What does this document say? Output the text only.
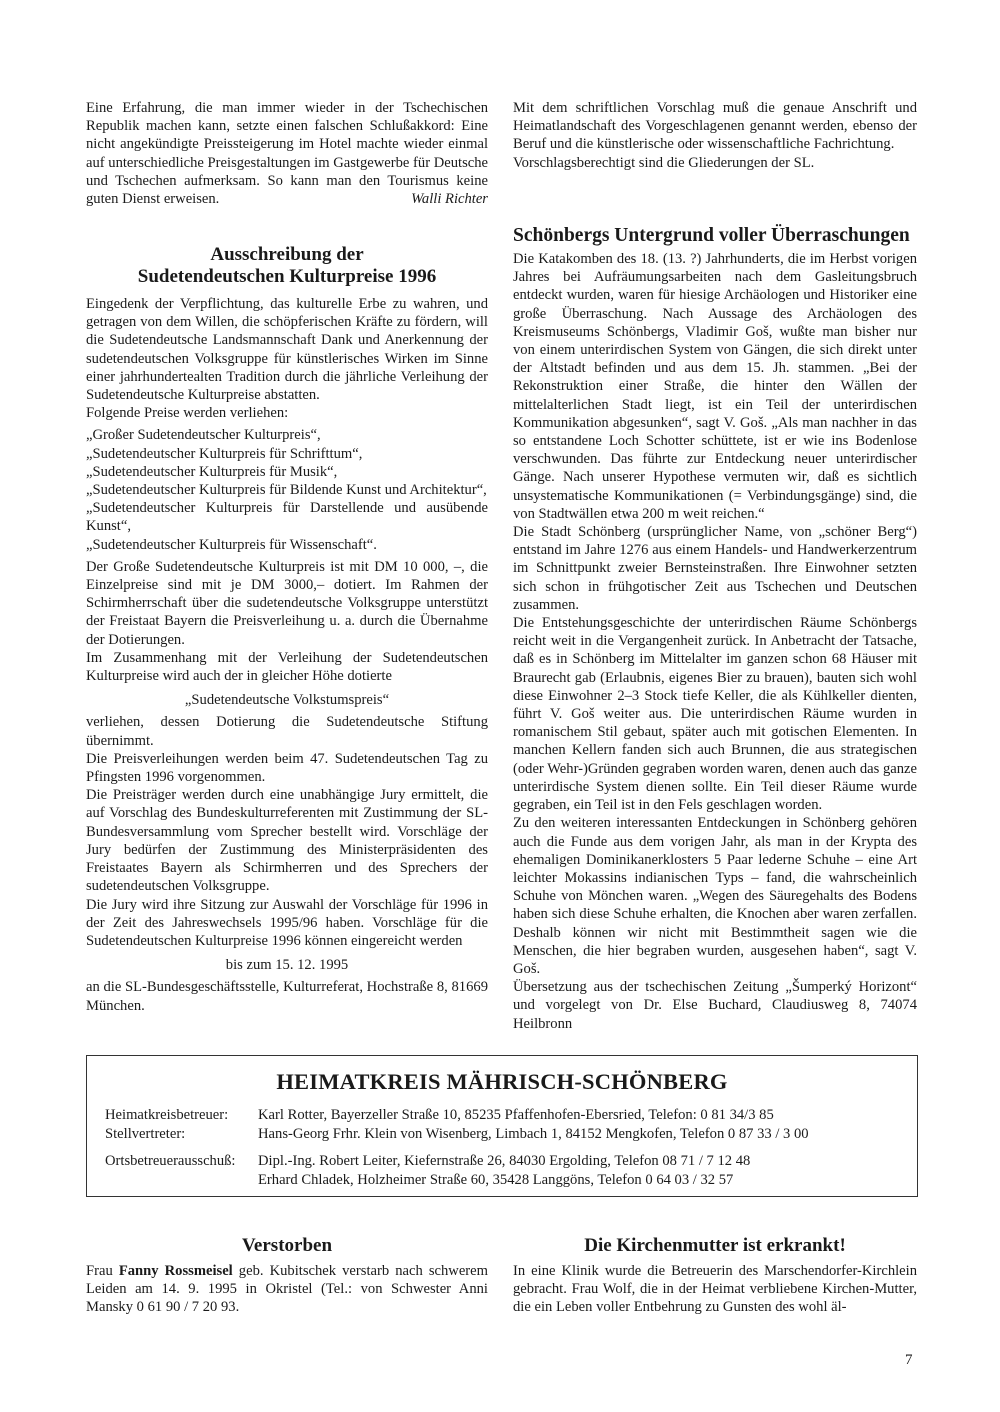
Eine Erfahrung, die man immer wieder in der Tschechischen Republik machen kann, setzte einen falschen Schlußakkord: Eine nicht angekündigte Preissteigerung im Hotel machte wieder einmal auf unterschiedliche Preisgestaltungen im Gastgewerbe für Deutsche und Tschechen aufmerksam. So kann man den Tourismus keine guten Dienst erweisen.	Walli Richter

Ausschreibung der
Sudetendeutschen Kulturpreise 1996

Eingedenk der Verpflichtung, das kulturelle Erbe zu wahren, und getragen von dem Willen, die schöpferischen Kräfte zu fördern, will die Sudetendeutsche Landsmannschaft Dank und Anerkennung der sudetendeutschen Volksgruppe für künstlerisches Wirken im Sinne einer jahrhundertealten Tradition durch die jährliche Verleihung der Sudetendeutsche Kulturpreise abstatten.

Folgende Preise werden verliehen:

„Großer Sudetendeutscher Kulturpreis“,

„Sudetendeutscher Kulturpreis für Schrifttum“,

„Sudetendeutscher Kulturpreis für Musik“,

„Sudetendeutscher Kulturpreis für Bildende Kunst und Architektur“,

„Sudetendeutscher Kulturpreis für Darstellende und ausübende Kunst“,

„Sudetendeutscher Kulturpreis für Wissenschaft“.

Der Große Sudetendeutsche Kulturpreis ist mit DM 10 000, –, die Einzelpreise sind mit je DM 3000,– dotiert. Im Rahmen der Schirmherrschaft über die sudetendeutsche Volksgruppe unterstützt der Freistaat Bayern die Preisverleihung u. a. durch die Übernahme der Dotierungen.

Im Zusammenhang mit der Verleihung der Sudetendeutschen Kulturpreise wird auch der in gleicher Höhe dotierte

„Sudetendeutsche Volkstumspreis“

verliehen, dessen Dotierung die Sudetendeutsche Stiftung übernimmt.

Die Preisverleihungen werden beim 47. Sudetendeutschen Tag zu Pfingsten 1996 vorgenommen.

Die Preisträger werden durch eine unabhängige Jury ermittelt, die auf Vorschlag des Bundeskulturreferenten mit Zustimmung der SL-Bundesversammlung vom Sprecher bestellt wird. Vorschläge der Jury bedürfen der Zustimmung des Ministerpräsidenten des Freistaates Bayern als Schirmherren und des Sprechers der sudetendeutschen Volksgruppe.

Die Jury wird ihre Sitzung zur Auswahl der Vorschläge für 1996 in der Zeit des Jahreswechsels 1995/96 haben. Vorschläge für die Sudetendeutschen Kulturpreise 1996 können eingereicht werden

bis zum 15. 12. 1995

an die SL-Bundesgeschäftsstelle, Kulturreferat, Hochstraße 8, 81669 München.

Mit dem schriftlichen Vorschlag muß die genaue Anschrift und Heimatlandschaft des Vorgeschlagenen genannt werden, ebenso der Beruf und die künstlerische oder wissenschaftliche Fachrichtung.

Vorschlagsberechtigt sind die Gliederungen der SL.

Schönbergs Untergrund voller Überraschungen

Die Katakomben des 18. (13. ?) Jahrhunderts, die im Herbst vorigen Jahres bei Aufräumungsarbeiten nach dem Gasleitungsbruch entdeckt wurden, waren für hiesige Archäologen und Historiker eine große Überraschung. Nach Aussage des Archäologen des Kreismuseums Schönbergs, Vladimir Goš, wußte man bisher nur von einem unterirdischen System von Gängen, die sich direkt unter der Altstadt befinden und aus dem 15. Jh. stammen. „Bei der Rekonstruktion einer Straße, die hinter den Wällen der mittelalterlichen Stadt liegt, ist ein Teil der unterirdischen Kommunikation abgesunken“, sagt V. Goš. „Als man nachher in das so entstandene Loch Schotter schüttete, ist er wie ins Bodenlose verschwunden. Das führte zur Entdeckung neuer unterirdischer Gänge. Nach unserer Hypothese vermuten wir, daß es sichtlich unsystematische Kommunikationen (= Verbindungsgänge) sind, die von Stadtwällen etwa 200 m weit reichen.“

Die Stadt Schönberg (ursprünglicher Name, von „schöner Berg“) entstand im Jahre 1276 aus einem Handels- und Handwerkerzentrum im Schnittpunkt zweier Bernsteinstraßen. Ihre Einwohner setzten sich schon in frühgotischer Zeit aus Tschechen und Deutschen zusammen.

Die Entstehungsgeschichte der unterirdischen Räume Schönbergs reicht weit in die Vergangenheit zurück. In Anbetracht der Tatsache, daß es in Schönberg im Mittelalter im ganzen schon 68 Häuser mit Braurecht gab (Erlaubnis, eigenes Bier zu brauen), bauten sich wohl diese Einwohner 2–3 Stock tiefe Keller, die als Kühlkeller dienten, führt V. Goš weiter aus. Die unterirdischen Räume wurden in romanischem Stil gebaut, später auch mit gotischen Elementen. In manchen Kellern fanden sich auch Brunnen, die aus strategischen (oder Wehr-)Gründen gegraben worden waren, denen auch das ganze unterirdische System dienen sollte. Ein Teil dieser Räume wurde gegraben, ein Teil ist in den Fels geschlagen worden.

Zu den weiteren interessanten Entdeckungen in Schönberg gehören auch die Funde aus dem vorigen Jahr, als man in der Krypta des ehemaligen Dominikanerklosters 5 Paar lederne Schuhe – eine Art leichter Mokassins indianischen Typs – fand, die wahrscheinlich Schuhe von Mönchen waren. „Wegen des Säuregehalts des Bodens haben sich diese Schuhe erhalten, die Knochen aber waren zerfallen. Deshalb können wir nicht mit Bestimmtheit sagen wie die Menschen, die hier begraben wurden, ausgesehen haben“, sagt V. Goš.

Übersetzung aus der tschechischen Zeitung „Šumperký Horizont“ und vorgelegt von Dr. Else Buchard, Claudiusweg 8, 74074 Heilbronn

HEIMATKREIS MÄHRISCH-SCHÖNBERG
Heimatkreisbetreuer:	Karl Rotter, Bayerzeller Straße 10, 85235 Pfaffenhofen-Ebersried, Telefon: 0 81 34/3 85
Stellvertreter:	Hans-Georg Frhr. Klein von Wisenberg, Limbach 1, 84152 Mengkofen, Telefon 0 87 33 / 3 00
Ortsbetreuerausschuß:	Dipl.-Ing. Robert Leiter, Kiefernstraße 26, 84030 Ergolding, Telefon 08 71 / 7 12 48
Erhard Chladek, Holzheimer Straße 60, 35428 Langgöns, Telefon 0 64 03 / 32 57
Verstorben

Frau Fanny Rossmeisel geb. Kubitschek verstarb nach schwerem Leiden am 14. 9. 1995 in Okristel (Tel.: von Schwester Anni Mansky 0 61 90 / 7 20 93.

Die Kirchenmutter ist erkrankt!

In eine Klinik wurde die Betreuerin des Marschendorfer-Kirchlein gebracht. Frau Wolf, die in der Heimat verbliebene Kirchen-Mutter, die ein Leben voller Entbehrung zu Gunsten des wohl äl-

7
